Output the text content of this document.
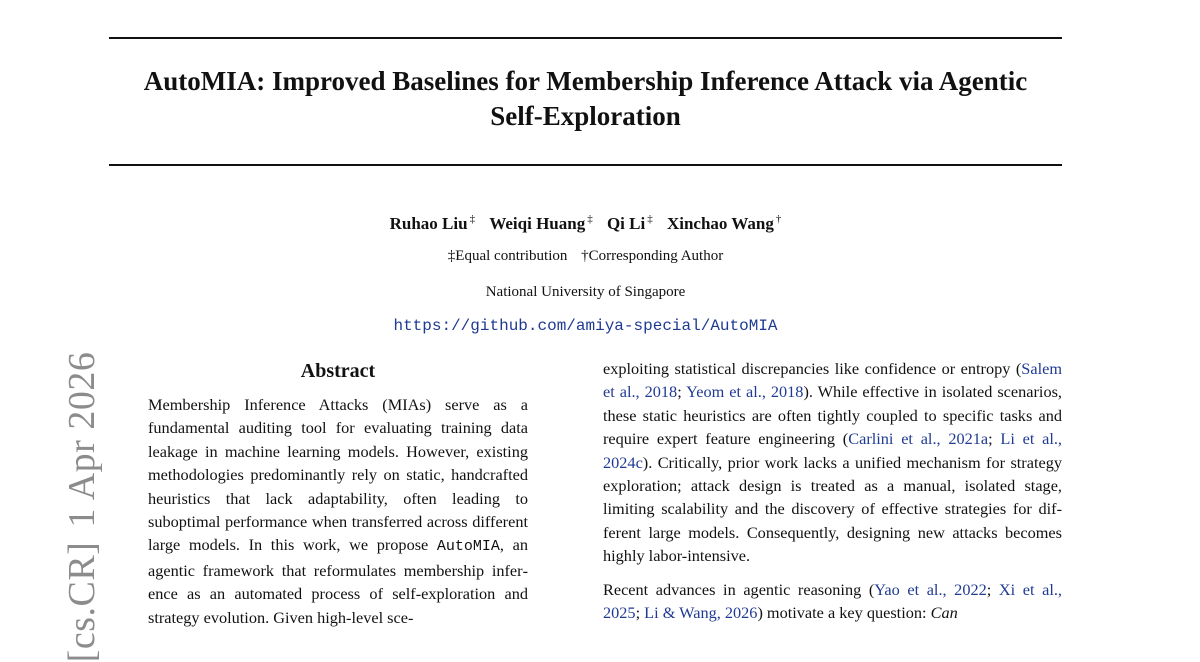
AutoMIA: Improved Baselines for Membership Inference Attack via Agentic
Self-Exploration
Ruhao Liu ‡ Weiqi Huang ‡ Qi Li ‡ Xinchao Wang †
‡Equal contribution †Corresponding Author
National University of Singapore
https://github.com/amiya-special/AutoMIA
[cs.CR]1 Apr 2026	Abstract

Membership Inference Attacks (MIAs) serve as a fundamental auditing tool for evaluating training data leakage in machine learning models. However, existing methodologies predominantly rely on static, handcrafted heuristics that lack adaptability, often leading to suboptimal performance when transferred across different large models. In this work, we propose AutoMIA, an agentic framework that reformulates membership inference as an automated process of self-exploration and strategy evolution. Given high-level sce-

exploiting statistical discrepancies like confidence or entropy (Salem et al., 2018; Yeom et al., 2018). While effective in isolated scenarios, these static heuristics are often tightly coupled to specific tasks and require expert feature engineering (Carlini et al., 2021a; Li et al., 2024c). Critically, prior work lacks a unified mechanism for strategy exploration; attack design is treated as a manual, isolated stage, limiting scalability and the discovery of effective strategies for different large models. Consequently, designing new attacks becomes highly labor-intensive.

Recent advances in agentic reasoning (Yao et al., 2022; Xi et al., 2025; Li & Wang, 2026) motivate a key question: Can
